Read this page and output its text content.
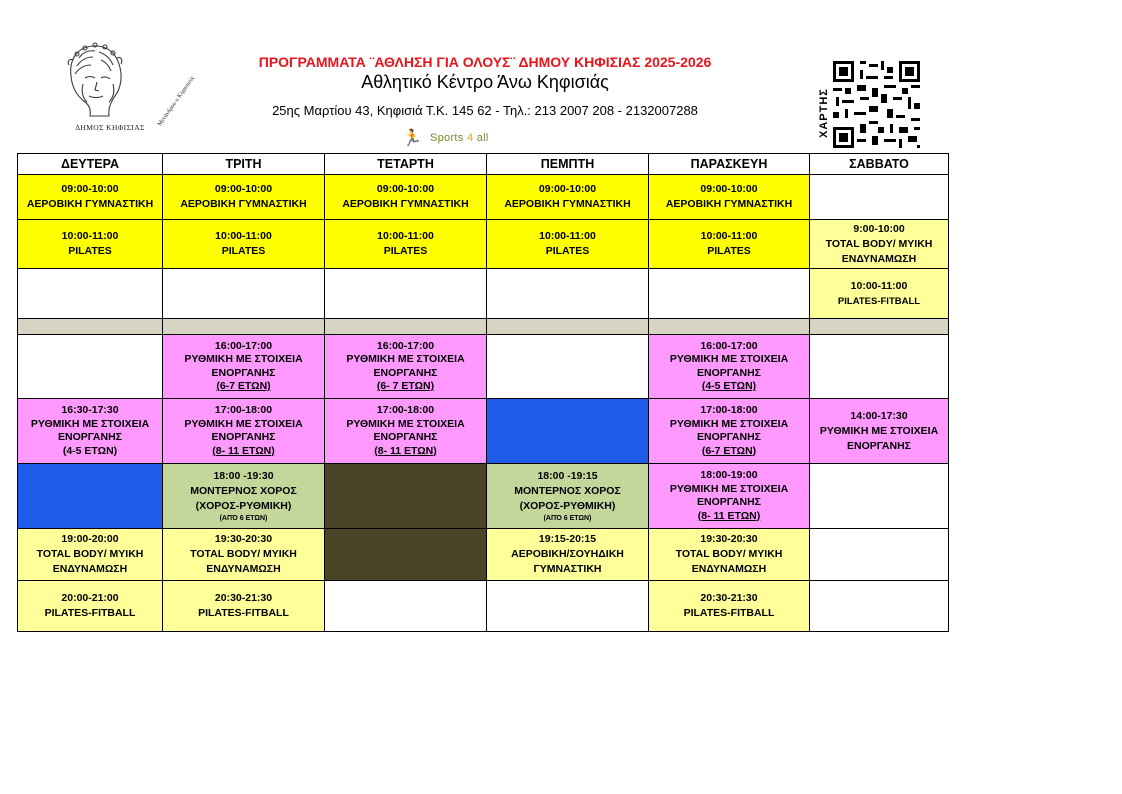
Μενάνδρου ο Κηφισιεύς
ΔΗΜΟΣ ΚΗΦΙΣΙΑΣ
ΠΡΟΓΡΑΜΜΑΤΑ ¨ΑΘΛΗΣΗ ΓΙΑ ΟΛΟΥΣ¨ ΔΗΜΟΥ ΚΗΦΙΣΙΑΣ 2025-2026
Αθλητικό Κέντρο Άνω Κηφισιάς
25ης Μαρτίου 43, Κηφισιά Τ.Κ. 145 62 - Τηλ.: 213 2007 208 - 2132007288
🏃 Sports 4 all	ΧΑΡΤΗΣ
ΔΕΥΤΕΡΑ	ΤΡΙΤΗ	ΤΕΤΑΡΤΗ	ΠΕΜΠΤΗ	ΠΑΡΑΣΚΕΥΗ	ΣΑΒΒΑΤΟ

09:00-10:00
ΑΕΡΟΒΙΚΗ ΓΥΜΝΑΣΤΙΚΗ	09:00-10:00
ΑΕΡΟΒΙΚΗ ΓΥΜΝΑΣΤΙΚΗ	09:00-10:00
ΑΕΡΟΒΙΚΗ ΓΥΜΝΑΣΤΙΚΗ	09:00-10:00
ΑΕΡΟΒΙΚΗ ΓΥΜΝΑΣΤΙΚΗ	09:00-10:00
ΑΕΡΟΒΙΚΗ ΓΥΜΝΑΣΤΙΚΗ	

10:00-11:00
PILATES	10:00-11:00
PILATES	10:00-11:00
PILATES	10:00-11:00
PILATES	10:00-11:00
PILATES	9:00-10:00
TOTAL BODY/ ΜΥΙΚΗ
ΕΝΔΥΝΑΜΩΣΗ

					10:00-11:00
PILATES-FITBALL

	16:00-17:00
ΡΥΘΜΙΚΗ ΜΕ ΣΤΟΙΧΕΙΑ
ΕΝΟΡΓΑΝΗΣ
(6-7 ΕΤΩΝ)	16:00-17:00
ΡΥΘΜΙΚΗ ΜΕ ΣΤΟΙΧΕΙΑ
ΕΝΟΡΓΑΝΗΣ
(6- 7 ΕΤΩΝ)		16:00-17:00
ΡΥΘΜΙΚΗ ΜΕ ΣΤΟΙΧΕΙΑ
ΕΝΟΡΓΑΝΗΣ
(4-5 ΕΤΩΝ)	

16:30-17:30
ΡΥΘΜΙΚΗ ΜΕ ΣΤΟΙΧΕΙΑ
ΕΝΟΡΓΑΝΗΣ
(4-5 ΕΤΩΝ)	17:00-18:00
ΡΥΘΜΙΚΗ ΜΕ ΣΤΟΙΧΕΙΑ
ΕΝΟΡΓΑΝΗΣ
(8- 11 ΕΤΩΝ)	17:00-18:00
ΡΥΘΜΙΚΗ ΜΕ ΣΤΟΙΧΕΙΑ
ΕΝΟΡΓΑΝΗΣ
(8- 11 ΕΤΩΝ)		17:00-18:00
ΡΥΘΜΙΚΗ ΜΕ ΣΤΟΙΧΕΙΑ
ΕΝΟΡΓΑΝΗΣ
(6-7 ΕΤΩΝ)	14:00-17:30
ΡΥΘΜΙΚΗ ΜΕ ΣΤΟΙΧΕΙΑ
ΕΝΟΡΓΑΝΗΣ

	18:00 -19:30
ΜΟΝΤΕΡΝΟΣ ΧΟΡΟΣ
(ΧΟΡΟΣ-ΡΥΘΜΙΚΗ)
(ΑΠΌ 6 ΕΤΩΝ)		18:00 -19:15
ΜΟΝΤΕΡΝΟΣ ΧΟΡΟΣ
(ΧΟΡΟΣ-ΡΥΘΜΙΚΗ)
(ΑΠΌ 6 ΕΤΩΝ)	18:00-19:00
ΡΥΘΜΙΚΗ ΜΕ ΣΤΟΙΧΕΙΑ
ΕΝΟΡΓΑΝΗΣ
(8- 11 ΕΤΩΝ)	

19:00-20:00
TOTAL BODY/ ΜΥΙΚΗ
ΕΝΔΥΝΑΜΩΣΗ	19:30-20:30
TOTAL BODY/ ΜΥΙΚΗ
ΕΝΔΥΝΑΜΩΣΗ		19:15-20:15
ΑΕΡΟΒΙΚΗ/ΣΟΥΗΔΙΚΗ
ΓΥΜΝΑΣΤΙΚΗ	19:30-20:30
TOTAL BODY/ ΜΥΙΚΗ
ΕΝΔΥΝΑΜΩΣΗ	

20:00-21:00
PILATES-FITBALL	20:30-21:30
PILATES-FITBALL			20:30-21:30
PILATES-FITBALL	
